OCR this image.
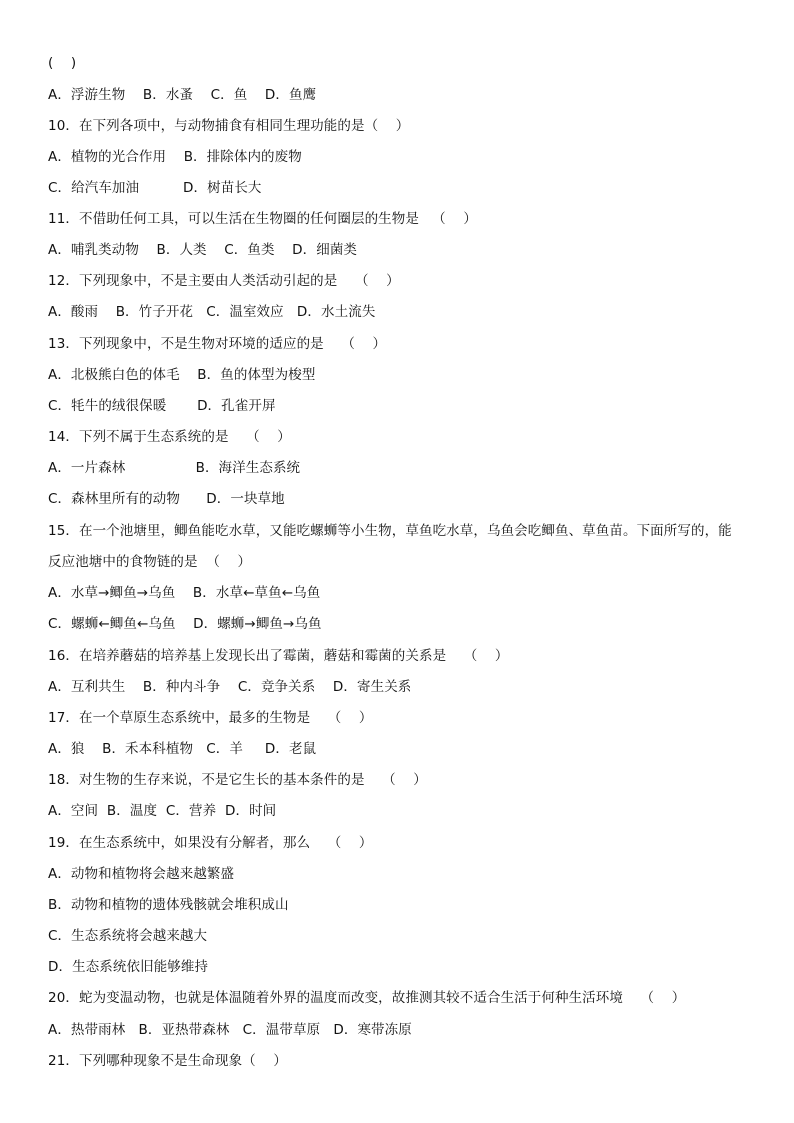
(    )
A．浮游生物    B．水蚤    C．鱼    D．鱼鹰
10．在下列各项中，与动物捕食有相同生理功能的是（    ）
A．植物的光合作用    B．排除体内的废物
C．给汽车加油          D．树苗长大
11．不借助任何工具，可以生活在生物圈的任何圈层的生物是   （    ）
A．哺乳类动物    B．人类    C．鱼类    D．细菌类
12．下列现象中，不是主要由人类活动引起的是    （    ）
A．酸雨    B．竹子开花   C．温室效应   D．水土流失
13．下列现象中，不是生物对环境的适应的是    （    ）
A．北极熊白色的体毛    B．鱼的体型为梭型
C．牦牛的绒很保暖       D．孔雀开屏
14．下列不属于生态系统的是    （    ）
A．一片森林                B．海洋生态系统
C．森林里所有的动物      D．一块草地
15．在一个池塘里，鲫鱼能吃水草，又能吃螺蛳等小生物，草鱼吃水草，乌鱼会吃鲫鱼、草鱼苗。下面所写的，能
反应池塘中的食物链的是  （    ）
A．水草→鲫鱼→乌鱼    B．水草←草鱼←乌鱼
C．螺蛳←鲫鱼←乌鱼    D．螺蛳→鲫鱼→乌鱼
16．在培养蘑菇的培养基上发现长出了霉菌，蘑菇和霉菌的关系是    （    ）
A．互利共生    B．种内斗争    C．竞争关系    D．寄生关系
17．在一个草原生态系统中，最多的生物是    （    ）
A．狼    B．禾本科植物   C．羊     D．老鼠
18．对生物的生存来说，不是它生长的基本条件的是    （    ）
A．空间  B．温度  C．营养  D．时间
19．在生态系统中，如果没有分解者，那么    （    ）
A．动物和植物将会越来越繁盛
B．动物和植物的遗体残骸就会堆积成山
C．生态系统将会越来越大
D．生态系统依旧能够维持
20．蛇为变温动物，也就是体温随着外界的温度而改变，故推测其较不适合生活于何种生活环境    （    ）
A．热带雨林   B．亚热带森林   C．温带草原   D．寒带冻原
21．下列哪种现象不是生命现象（    ）
